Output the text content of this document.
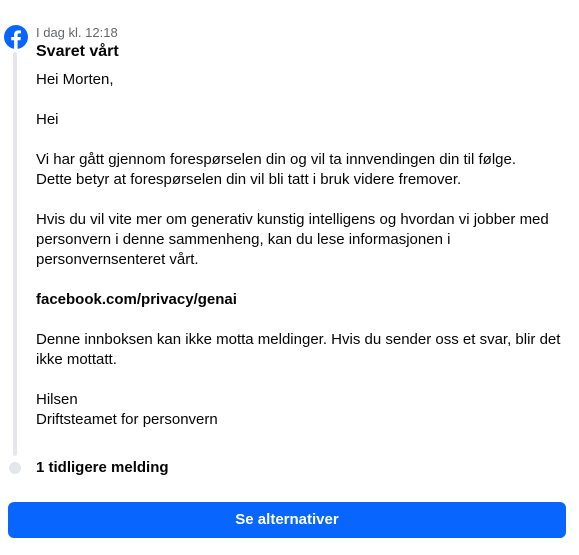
I dag kl. 12:18
Svaret vårt

Hei Morten,

Hei

Vi har gått gjennom forespørselen din og vil ta innvendingen din til følge.
Dette betyr at forespørselen din vil bli tatt i bruk videre fremover.

Hvis du vil vite mer om generativ kunstig intelligens og hvordan vi jobber med personvern i denne sammenheng, kan du lese informasjonen i personvernsenteret vårt.

facebook.com/privacy/genai

Denne innboksen kan ikke motta meldinger. Hvis du sender oss et svar, blir det ikke mottatt.

Hilsen
Driftsteamet for personvern

1 tidligere melding
Se alternativer
